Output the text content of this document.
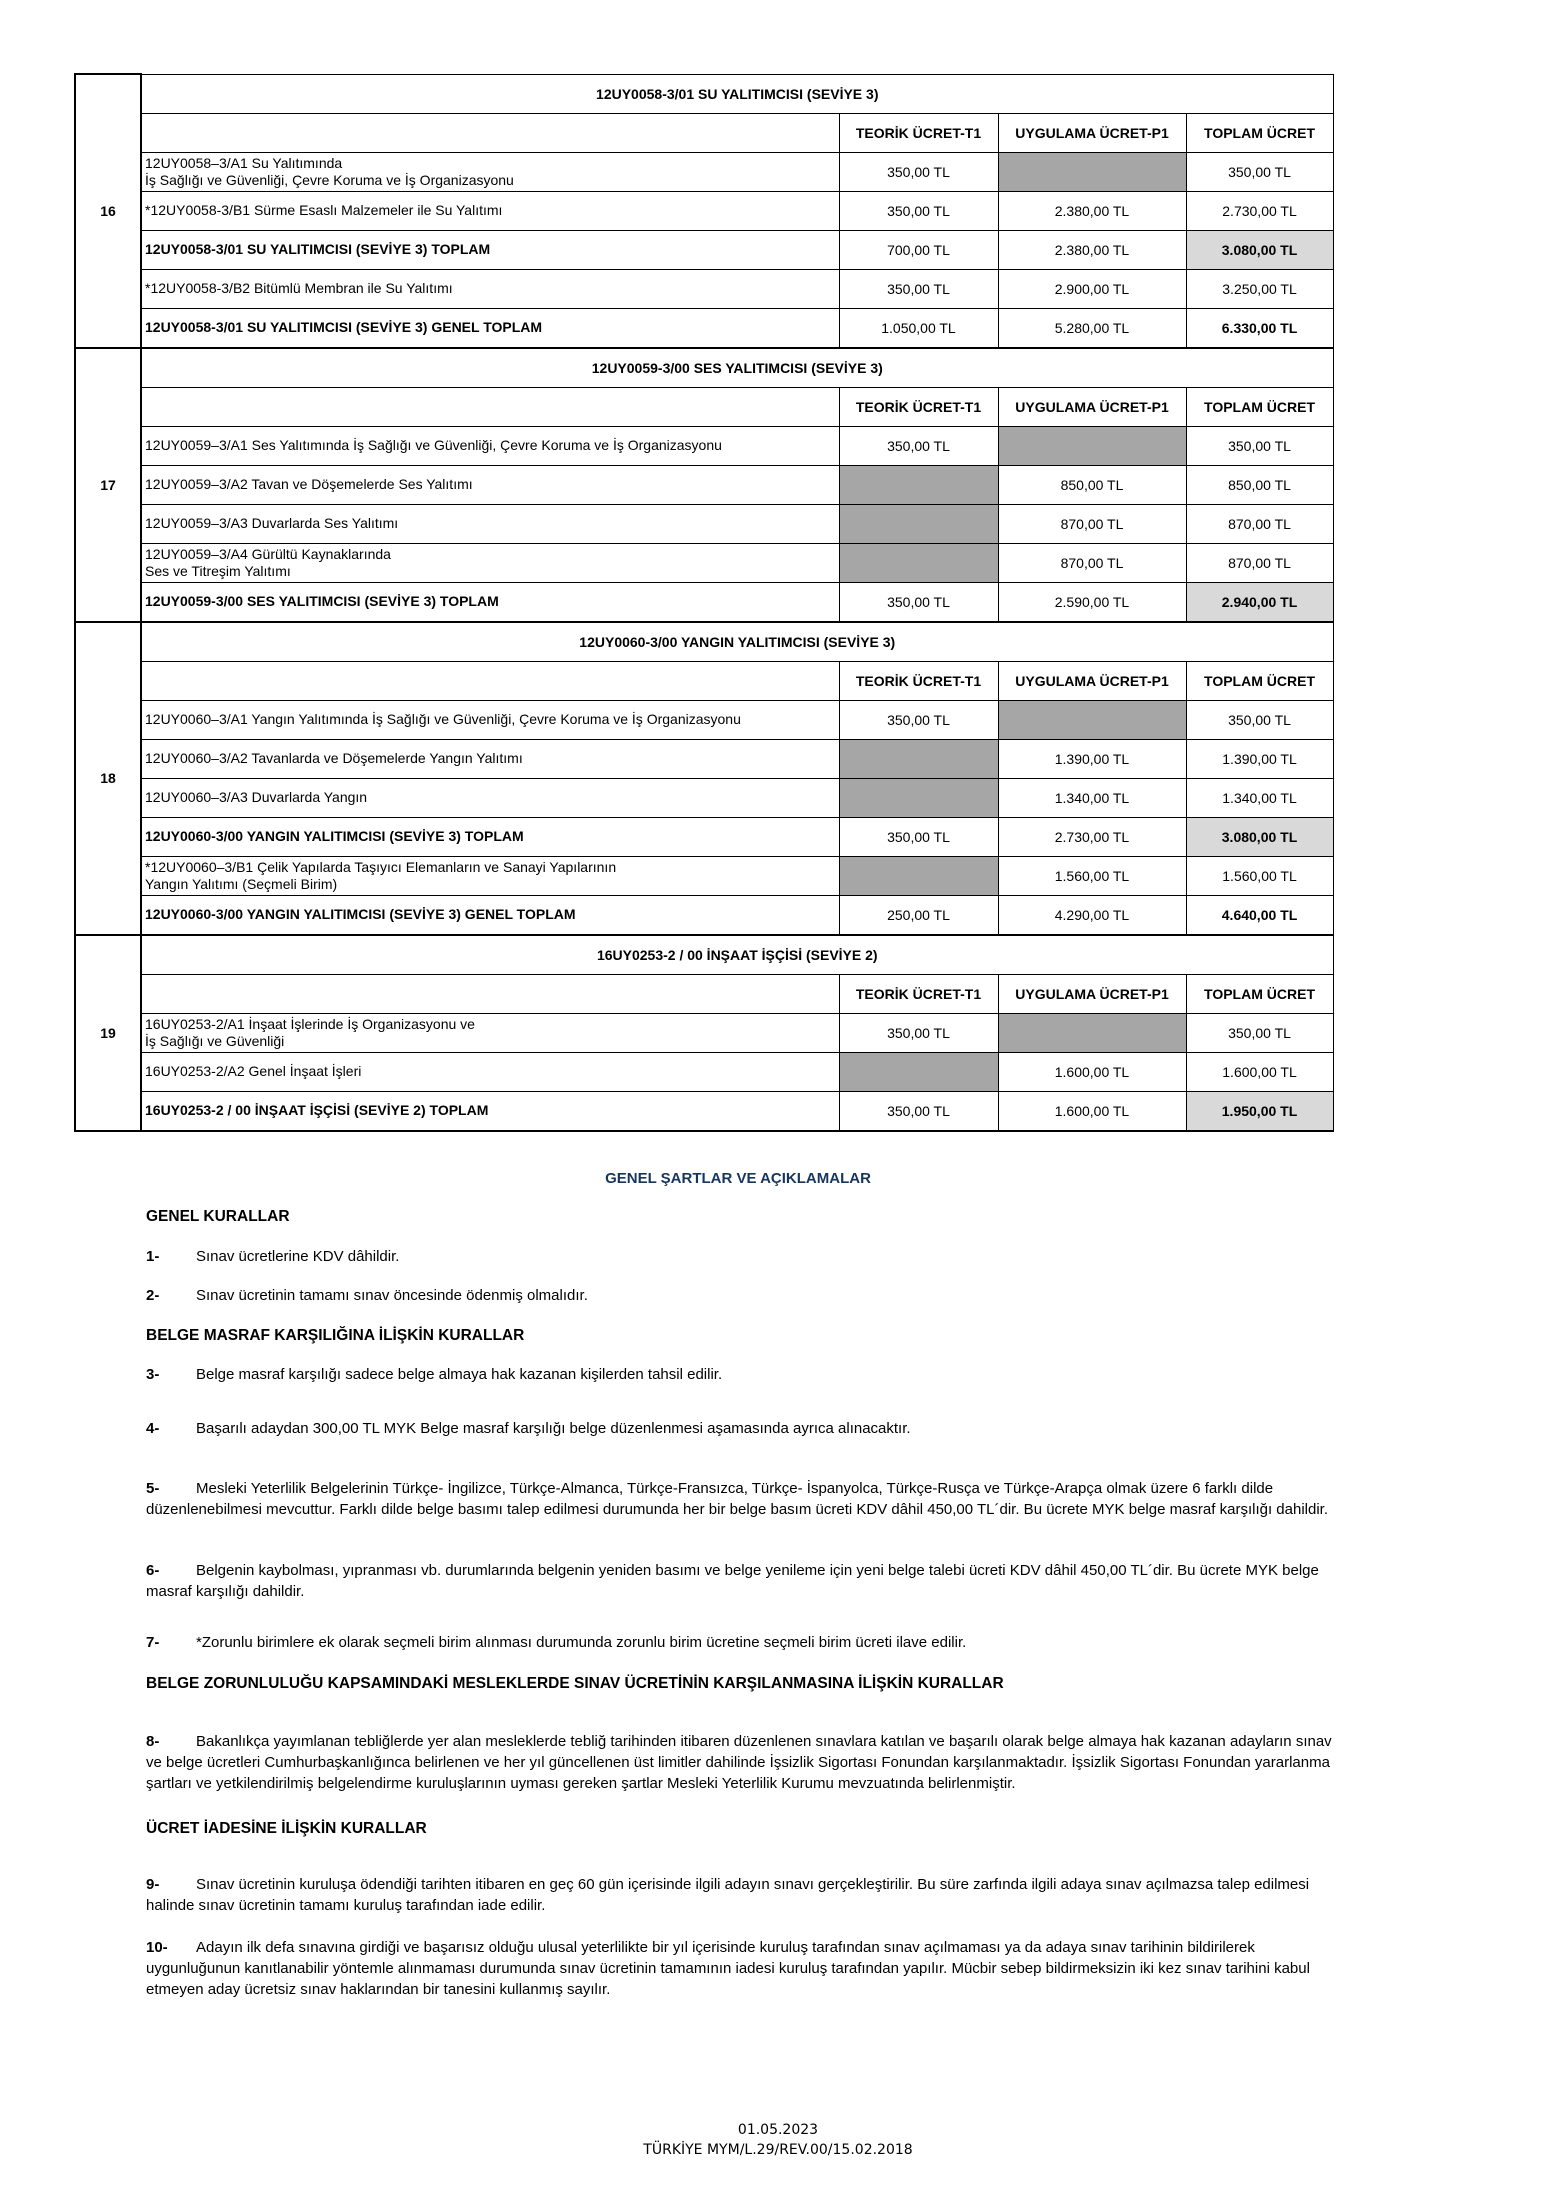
16	12UY0058-3/01 SU YALITIMCISI (SEVİYE 3)			
		TEORİK ÜCRET-T1	UYGULAMA ÜCRET-P1	TOPLAM ÜCRET
	12UY0058–3/A1 Su Yalıtımında
İş Sağlığı ve Güvenliği, Çevre Koruma ve İş Organizasyonu	350,00 TL		350,00 TL
	*12UY0058-3/B1 Sürme Esaslı Malzemeler ile Su Yalıtımı	350,00 TL	2.380,00 TL	2.730,00 TL
	12UY0058-3/01 SU YALITIMCISI (SEVİYE 3) TOPLAM	700,00 TL	2.380,00 TL	3.080,00 TL
	*12UY0058-3/B2 Bitümlü Membran ile Su Yalıtımı	350,00 TL	2.900,00 TL	3.250,00 TL
	12UY0058-3/01 SU YALITIMCISI (SEVİYE 3) GENEL TOPLAM	1.050,00 TL	5.280,00 TL	6.330,00 TL
17	12UY0059-3/00 SES YALITIMCISI (SEVİYE 3)			
		TEORİK ÜCRET-T1	UYGULAMA ÜCRET-P1	TOPLAM ÜCRET
	12UY0059–3/A1 Ses Yalıtımında İş Sağlığı ve Güvenliği, Çevre Koruma ve İş Organizasyonu	350,00 TL		350,00 TL
	12UY0059–3/A2 Tavan ve Döşemelerde Ses Yalıtımı		850,00 TL	850,00 TL
	12UY0059–3/A3 Duvarlarda Ses Yalıtımı		870,00 TL	870,00 TL
	12UY0059–3/A4 Gürültü Kaynaklarında
Ses ve Titreşim Yalıtımı		870,00 TL	870,00 TL
	12UY0059-3/00 SES YALITIMCISI (SEVİYE 3) TOPLAM	350,00 TL	2.590,00 TL	2.940,00 TL
18	12UY0060-3/00 YANGIN YALITIMCISI (SEVİYE 3)			
		TEORİK ÜCRET-T1	UYGULAMA ÜCRET-P1	TOPLAM ÜCRET
	12UY0060–3/A1 Yangın Yalıtımında İş Sağlığı ve Güvenliği, Çevre Koruma ve İş Organizasyonu	350,00 TL		350,00 TL
	12UY0060–3/A2 Tavanlarda ve Döşemelerde Yangın Yalıtımı		1.390,00 TL	1.390,00 TL
	12UY0060–3/A3 Duvarlarda Yangın		1.340,00 TL	1.340,00 TL
	12UY0060-3/00 YANGIN YALITIMCISI (SEVİYE 3) TOPLAM	350,00 TL	2.730,00 TL	3.080,00 TL
	*12UY0060–3/B1 Çelik Yapılarda Taşıyıcı Elemanların ve Sanayi Yapılarının
Yangın Yalıtımı (Seçmeli Birim)		1.560,00 TL	1.560,00 TL
	12UY0060-3/00 YANGIN YALITIMCISI (SEVİYE 3) GENEL TOPLAM	250,00 TL	4.290,00 TL	4.640,00 TL
19	16UY0253-2 / 00 İNŞAAT İŞÇİSİ (SEVİYE 2)			
		TEORİK ÜCRET-T1	UYGULAMA ÜCRET-P1	TOPLAM ÜCRET
	16UY0253-2/A1 İnşaat İşlerinde İş Organizasyonu ve
İş Sağlığı ve Güvenliği	350,00 TL		350,00 TL
	16UY0253-2/A2 Genel İnşaat İşleri		1.600,00 TL	1.600,00 TL
	16UY0253-2 / 00 İNŞAAT İŞÇİSİ (SEVİYE 2) TOPLAM	350,00 TL	1.600,00 TL	1.950,00 TL
GENEL ŞARTLAR VE AÇIKLAMALAR
GENEL KURALLAR

1- Sınav ücretlerine KDV dâhildir.

2- Sınav ücretinin tamamı sınav öncesinde ödenmiş olmalıdır.

BELGE MASRAF KARŞILIĞINA İLİŞKİN KURALLAR

3- Belge masraf karşılığı sadece belge almaya hak kazanan kişilerden tahsil edilir.

4- Başarılı adaydan 300,00 TL MYK Belge masraf karşılığı belge düzenlenmesi aşamasında ayrıca alınacaktır.

5- Mesleki Yeterlilik Belgelerinin Türkçe- İngilizce, Türkçe-Almanca, Türkçe-Fransızca, Türkçe- İspanyolca, Türkçe-Rusça ve Türkçe-Arapça olmak üzere 6 farklı dilde düzenlenebilmesi mevcuttur. Farklı dilde belge basımı talep edilmesi durumunda her bir belge basım ücreti KDV dâhil 450,00 TL´dir. Bu ücrete MYK belge masraf karşılığı dahildir.

6- Belgenin kaybolması, yıpranması vb. durumlarında belgenin yeniden basımı ve belge yenileme için yeni belge talebi ücreti KDV dâhil 450,00 TL´dir. Bu ücrete MYK belge masraf karşılığı dahildir.

7- *Zorunlu birimlere ek olarak seçmeli birim alınması durumunda zorunlu birim ücretine seçmeli birim ücreti ilave edilir.

BELGE ZORUNLULUĞU KAPSAMINDAKİ MESLEKLERDE SINAV ÜCRETİNİN KARŞILANMASINA İLİŞKİN KURALLAR

8- Bakanlıkça yayımlanan tebliğlerde yer alan mesleklerde tebliğ tarihinden itibaren düzenlenen sınavlara katılan ve başarılı olarak belge almaya hak kazanan adayların sınav ve belge ücretleri Cumhurbaşkanlığınca belirlenen ve her yıl güncellenen üst limitler dahilinde İşsizlik Sigortası Fonundan karşılanmaktadır. İşsizlik Sigortası Fonundan yararlanma şartları ve yetkilendirilmiş belgelendirme kuruluşlarının uyması gereken şartlar Mesleki Yeterlilik Kurumu mevzuatında belirlenmiştir.

ÜCRET İADESİNE İLİŞKİN KURALLAR

9- Sınav ücretinin kuruluşa ödendiği tarihten itibaren en geç 60 gün içerisinde ilgili adayın sınavı gerçekleştirilir. Bu süre zarfında ilgili adaya sınav açılmazsa talep edilmesi halinde sınav ücretinin tamamı kuruluş tarafından iade edilir.

10- Adayın ilk defa sınavına girdiği ve başarısız olduğu ulusal yeterlilikte bir yıl içerisinde kuruluş tarafından sınav açılmaması ya da adaya sınav tarihinin bildirilerek uygunluğunun kanıtlanabilir yöntemle alınmaması durumunda sınav ücretinin tamamının iadesi kuruluş tarafından yapılır. Mücbir sebep bildirmeksizin iki kez sınav tarihini kabul etmeyen aday ücretsiz sınav haklarından bir tanesini kullanmış sayılır.

01.05.2023
TÜRKİYE MYM/L.29/REV.00/15.02.2018
